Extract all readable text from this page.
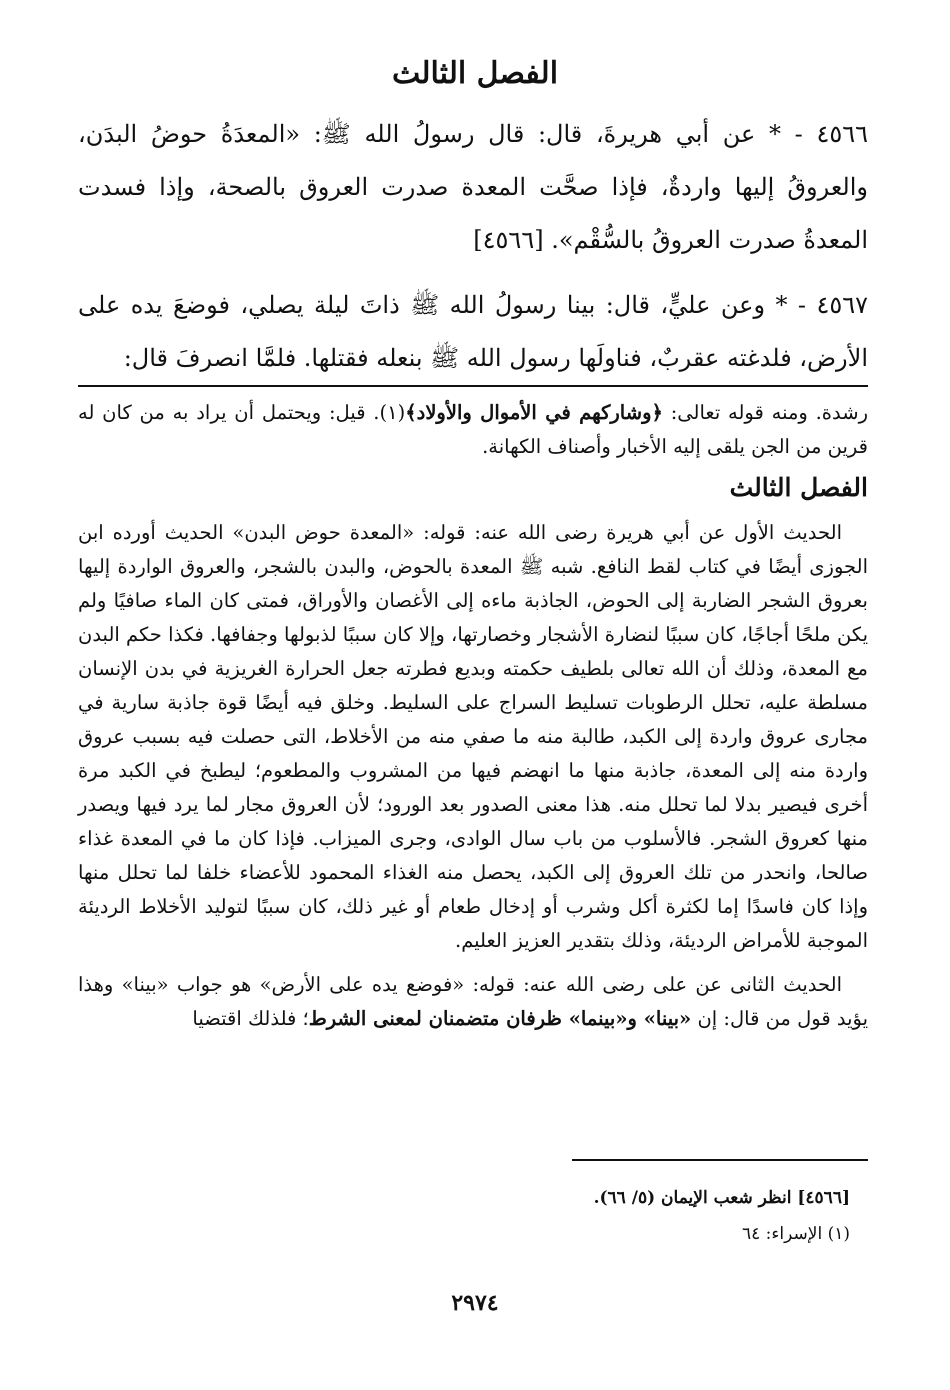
الفصل الثالث

٤٥٦٦ - * عن أبي هريرةَ، قال: قال رسولُ الله ﷺ: «المعدَةُ حوضُ البدَن، والعروقُ إليها واردةٌ، فإذا صحَّت المعدة صدرت العروق بالصحة، وإذا فسدت المعدةُ صدرت العروقُ بالسُّقْم». [٤٥٦٦]

٤٥٦٧ - * وعن عليٍّ، قال: بينا رسولُ الله ﷺ ذاتَ ليلة يصلي، فوضعَ يده على الأرض، فلدغته عقربٌ، فناولَها رسول الله ﷺ بنعله فقتلها. فلمَّا انصرفَ قال:

رشدة. ومنه قوله تعالى: ﴿وشاركهم في الأموال والأولاد﴾(١). قيل: ويحتمل أن يراد به من كان له قرين من الجن يلقى إليه الأخبار وأصناف الكهانة.

الفصل الثالث

الحديث الأول عن أبي هريرة رضى الله عنه: قوله: «المعدة حوض البدن» الحديث أورده ابن الجوزى أيضًا في كتاب لقط النافع. شبه ﷺ المعدة بالحوض، والبدن بالشجر، والعروق الواردة إليها بعروق الشجر الضاربة إلى الحوض، الجاذبة ماءه إلى الأغصان والأوراق، فمتى كان الماء صافيًا ولم يكن ملحًا أجاجًا، كان سببًا لنضارة الأشجار وخصارتها، وإلا كان سببًا لذبولها وجفافها. فكذا حكم البدن مع المعدة، وذلك أن الله تعالى بلطيف حكمته وبديع فطرته جعل الحرارة الغريزية في بدن الإنسان مسلطة عليه، تحلل الرطوبات تسليط السراج على السليط. وخلق فيه أيضًا قوة جاذبة سارية في مجارى عروق واردة إلى الكبد، طالبة منه ما صفي منه من الأخلاط، التى حصلت فيه بسبب عروق واردة منه إلى المعدة، جاذبة منها ما انهضم فيها من المشروب والمطعوم؛ ليطبخ في الكبد مرة أخرى فيصير بدلا لما تحلل منه. هذا معنى الصدور بعد الورود؛ لأن العروق مجار لما يرد فيها ويصدر منها كعروق الشجر. فالأسلوب من باب سال الوادى، وجرى الميزاب. فإذا كان ما في المعدة غذاء صالحا، وانحدر من تلك العروق إلى الكبد، يحصل منه الغذاء المحمود للأعضاء خلفا لما تحلل منها وإذا كان فاسدًا إما لكثرة أكل وشرب أو إدخال طعام أو غير ذلك، كان سببًا لتوليد الأخلاط الرديئة الموجبة للأمراض الرديئة، وذلك بتقدير العزيز العليم.

الحديث الثانى عن على رضى الله عنه: قوله: «فوضع يده على الأرض» هو جواب «بينا» وهذا يؤيد قول من قال: إن «بينا» و«بينما» ظرفان متضمنان لمعنى الشرط؛ فلذلك اقتضيا

[٤٥٦٦] انظر شعب الإيمان (٥/ ٦٦).

(١) الإسراء: ٦٤

٢٩٧٤
